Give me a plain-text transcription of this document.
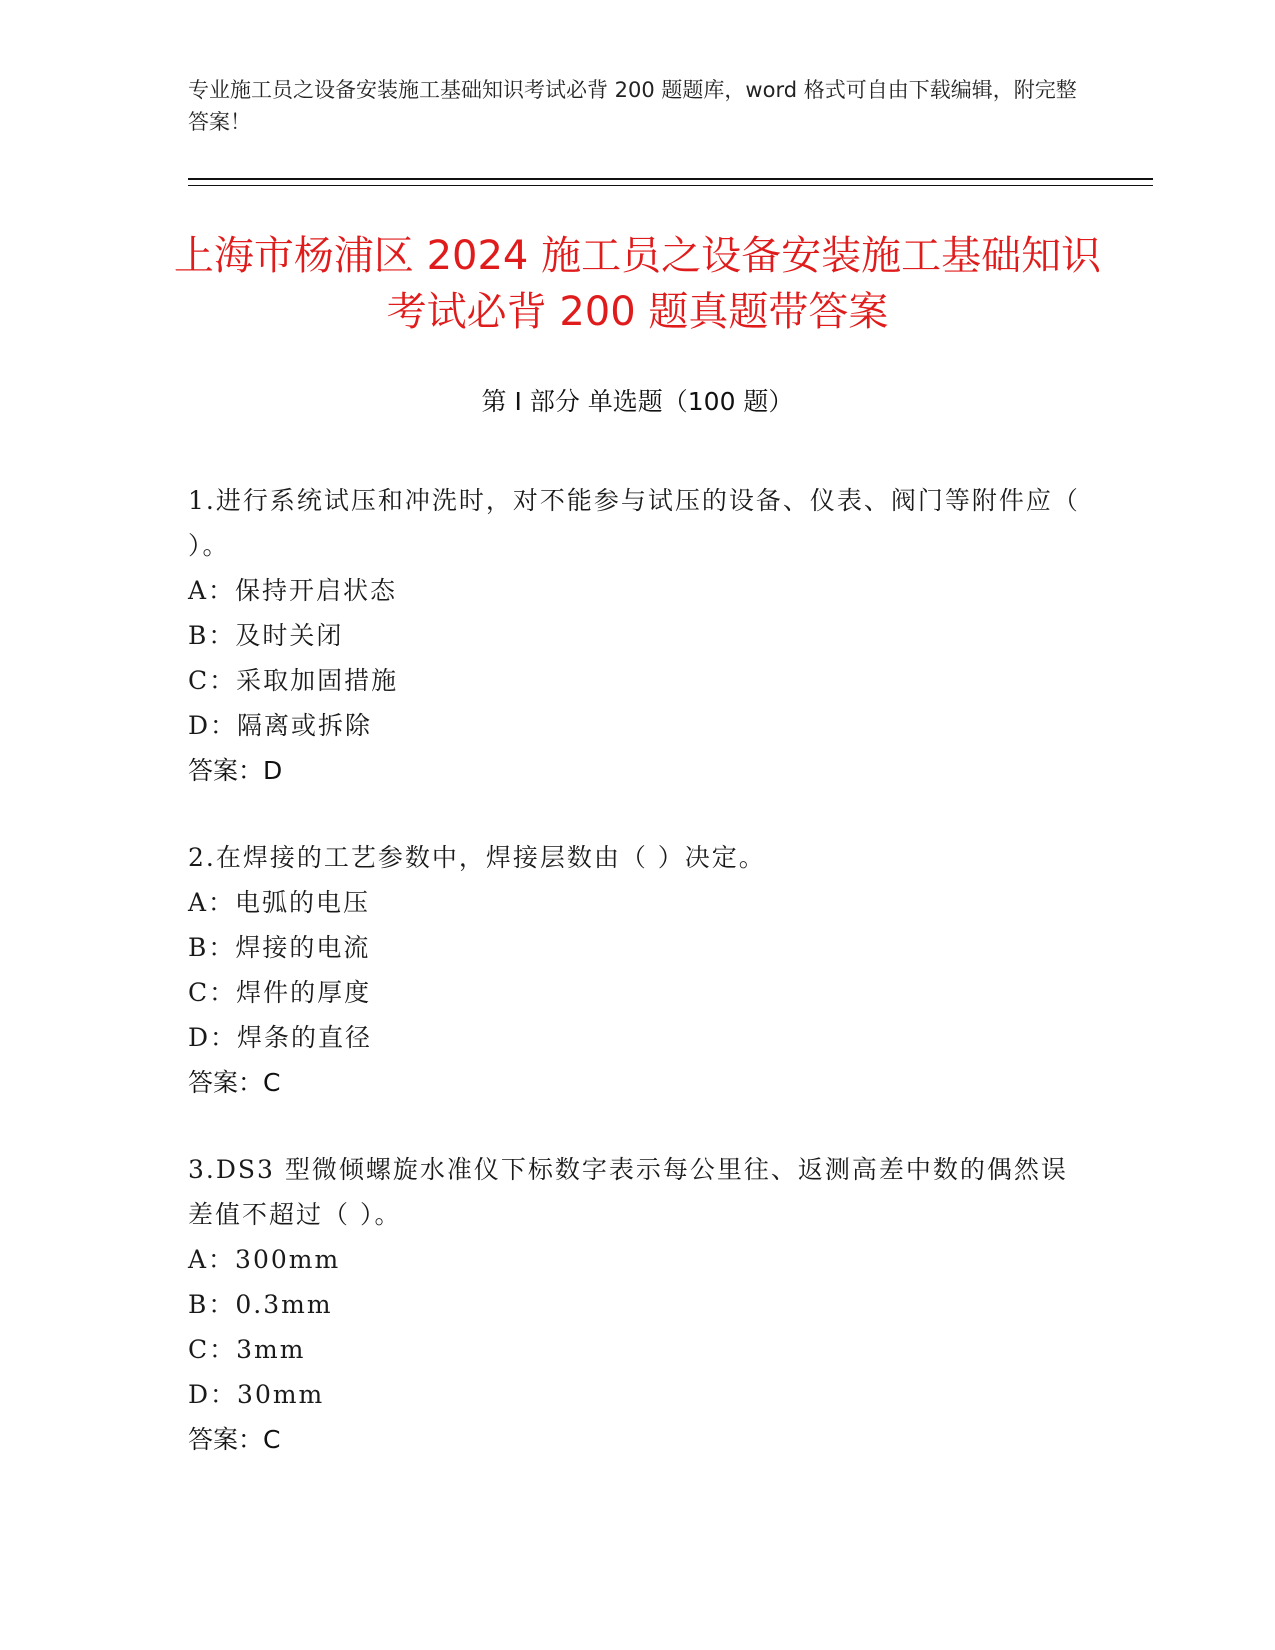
专业施工员之设备安装施工基础知识考试必背 200 题题库，word 格式可自由下载编辑，附完整答案！
上海市杨浦区 2024 施工员之设备安装施工基础知识考试必背 200 题真题带答案
第 I 部分 单选题（100 题）
1.进行系统试压和冲洗时，对不能参与试压的设备、仪表、阀门等附件应（ ）。
A：保持开启状态
B：及时关闭
C：采取加固措施
D：隔离或拆除
答案：D
2.在焊接的工艺参数中，焊接层数由（ ）决定。
A：电弧的电压
B：焊接的电流
C：焊件的厚度
D：焊条的直径
答案：C
3.DS3 型微倾螺旋水准仪下标数字表示每公里往、返测高差中数的偶然误差值不超过（ ）。
A：300mm
B：0.3mm
C：3mm
D：30mm
答案：C
